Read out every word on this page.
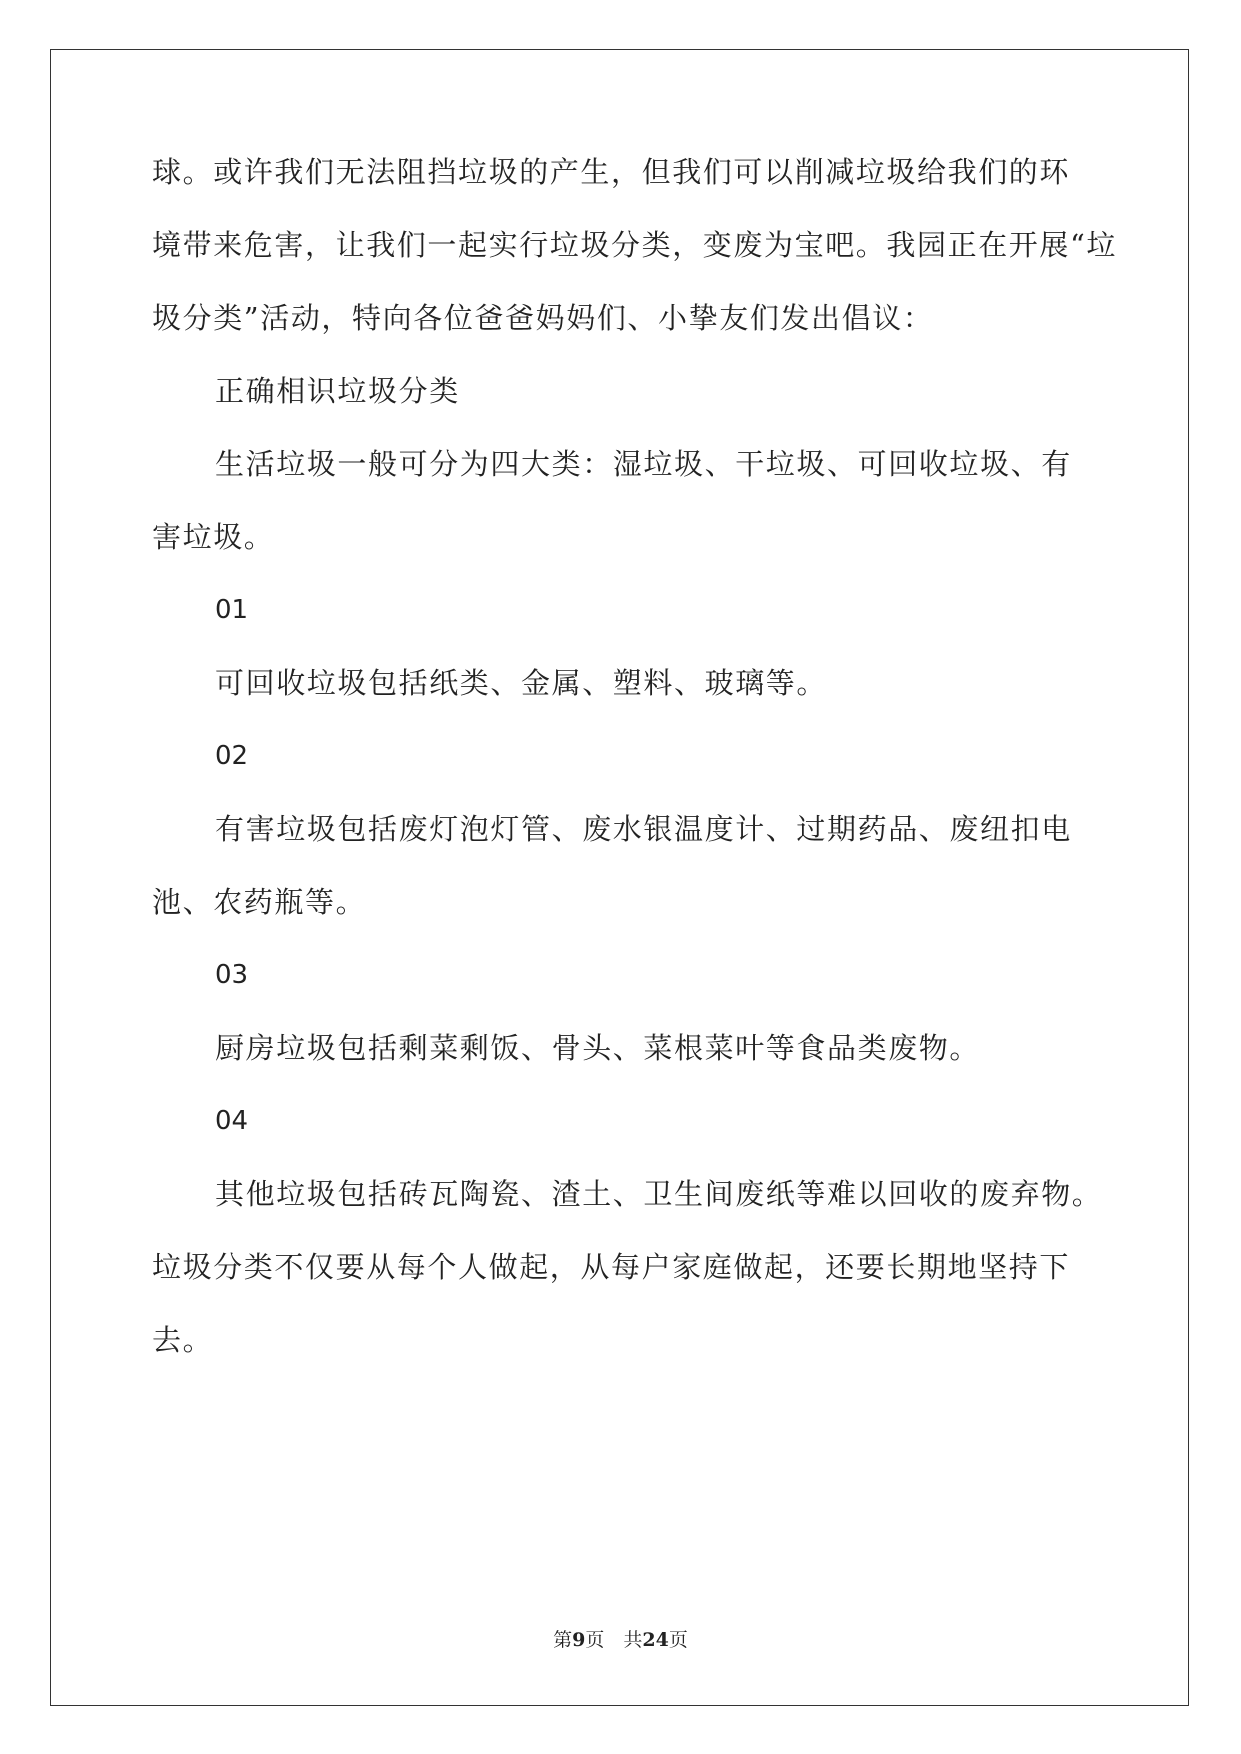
球。或许我们无法阻挡垃圾的产生，但我们可以削减垃圾给我们的环
境带来危害，让我们一起实行垃圾分类，变废为宝吧。我园正在开展“垃
圾分类”活动，特向各位爸爸妈妈们、小挚友们发出倡议：
正确相识垃圾分类
生活垃圾一般可分为四大类：湿垃圾、干垃圾、可回收垃圾、有
害垃圾。
01
可回收垃圾包括纸类、金属、塑料、玻璃等。
02
有害垃圾包括废灯泡灯管、废水银温度计、过期药品、废纽扣电
池、农药瓶等。
03
厨房垃圾包括剩菜剩饭、骨头、菜根菜叶等食品类废物。
04
其他垃圾包括砖瓦陶瓷、渣土、卫生间废纸等难以回收的废弃物。
垃圾分类不仅要从每个人做起，从每户家庭做起，还要长期地坚持下
去。
第9页　 共24页
